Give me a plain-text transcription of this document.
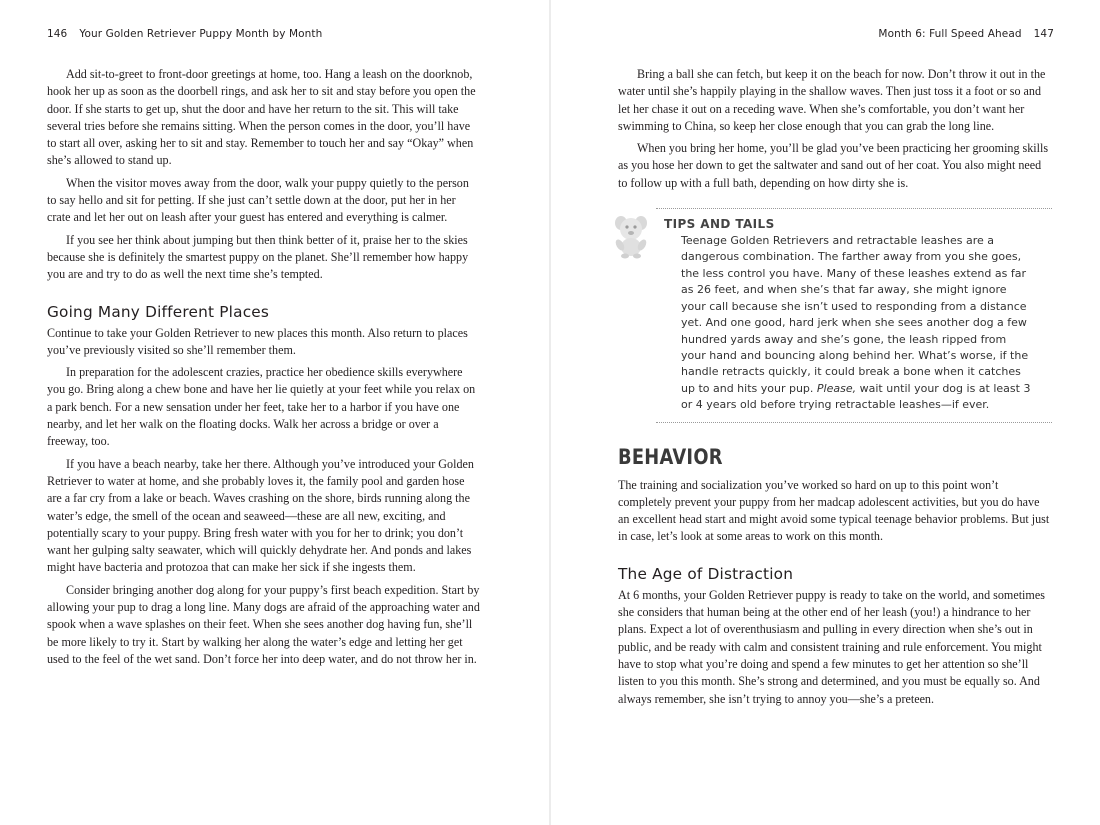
146 Your Golden Retriever Puppy Month by Month

Add sit-to-greet to front-door greetings at home, too. Hang a leash on the doorknob, hook her up as soon as the doorbell rings, and ask her to sit and stay before you open the door. If she starts to get up, shut the door and have her return to the sit. This will take several tries before she remains sitting. When the person comes in the door, you’ll have to start all over, asking her to sit and stay. Remember to touch her and say “Okay” when she’s allowed to stand up.

When the visitor moves away from the door, walk your puppy quietly to the person to say hello and sit for petting. If she just can’t settle down at the door, put her in her crate and let her out on leash after your guest has entered and everything is calmer.

If you see her think about jumping but then think better of it, praise her to the skies because she is definitely the smartest puppy on the planet. She’ll remember how happy you are and try to do as well the next time she’s tempted.

Going Many Different Places

Continue to take your Golden Retriever to new places this month. Also return to places you’ve previously visited so she’ll remember them.

In preparation for the adolescent crazies, practice her obedience skills everywhere you go. Bring along a chew bone and have her lie quietly at your feet while you relax on a park bench. For a new sensation under her feet, take her to a harbor if you have one nearby, and let her walk on the floating docks. Walk her across a bridge or over a freeway, too.

If you have a beach nearby, take her there. Although you’ve introduced your Golden Retriever to water at home, and she probably loves it, the family pool and garden hose are a far cry from a lake or beach. Waves crashing on the shore, birds running along the water’s edge, the smell of the ocean and seaweed—these are all new, exciting, and potentially scary to your puppy. Bring fresh water with you for her to drink; you don’t want her gulping salty seawater, which will quickly dehydrate her. And ponds and lakes might have bacteria and protozoa that can make her sick if she ingests them.

Consider bringing another dog along for your puppy’s first beach expedition. Start by allowing your pup to drag a long line. Many dogs are afraid of the approaching water and spook when a wave splashes on their feet. When she sees another dog having fun, she’ll be more likely to try it. Start by walking her along the water’s edge and letting her get used to the feel of the wet sand. Don’t force her into deep water, and do not throw her in.

Month 6: Full Speed Ahead 147

Bring a ball she can fetch, but keep it on the beach for now. Don’t throw it out in the water until she’s happily playing in the shallow waves. Then just toss it a foot or so and let her chase it out on a receding wave. When she’s comfortable, you don’t want her swimming to China, so keep her close enough that you can grab the long line.

When you bring her home, you’ll be glad you’ve been practicing her grooming skills as you hose her down to get the saltwater and sand out of her coat. You also might need to follow up with a full bath, depending on how dirty she is.

TIPS AND TAILS

Teenage Golden Retrievers and retractable leashes are a dangerous combination. The farther away from you she goes, the less control you have. Many of these leashes extend as far as 26 feet, and when she’s that far away, she might ignore your call because she isn’t used to responding from a distance yet. And one good, hard jerk when she sees another dog a few hundred yards away and she’s gone, the leash ripped from your hand and bouncing along behind her. What’s worse, if the handle retracts quickly, it could break a bone when it catches up to and hits your pup. Please, wait until your dog is at least 3 or 4 years old before trying retractable leashes—if ever.

BEHAVIOR

The training and socialization you’ve worked so hard on up to this point won’t completely prevent your puppy from her madcap adolescent activities, but you do have an excellent head start and might avoid some typical teenage behavior problems. But just in case, let’s look at some areas to work on this month.

The Age of Distraction

At 6 months, your Golden Retriever puppy is ready to take on the world, and sometimes she considers that human being at the other end of her leash (you!) a hindrance to her plans. Expect a lot of overenthusiasm and pulling in every direction when she’s out in public, and be ready with calm and consistent training and rule enforcement. You might have to stop what you’re doing and spend a few minutes to get her attention so she’ll listen to you this month. She’s strong and determined, and you must be equally so. And always remember, she isn’t trying to annoy you—she’s a preteen.
